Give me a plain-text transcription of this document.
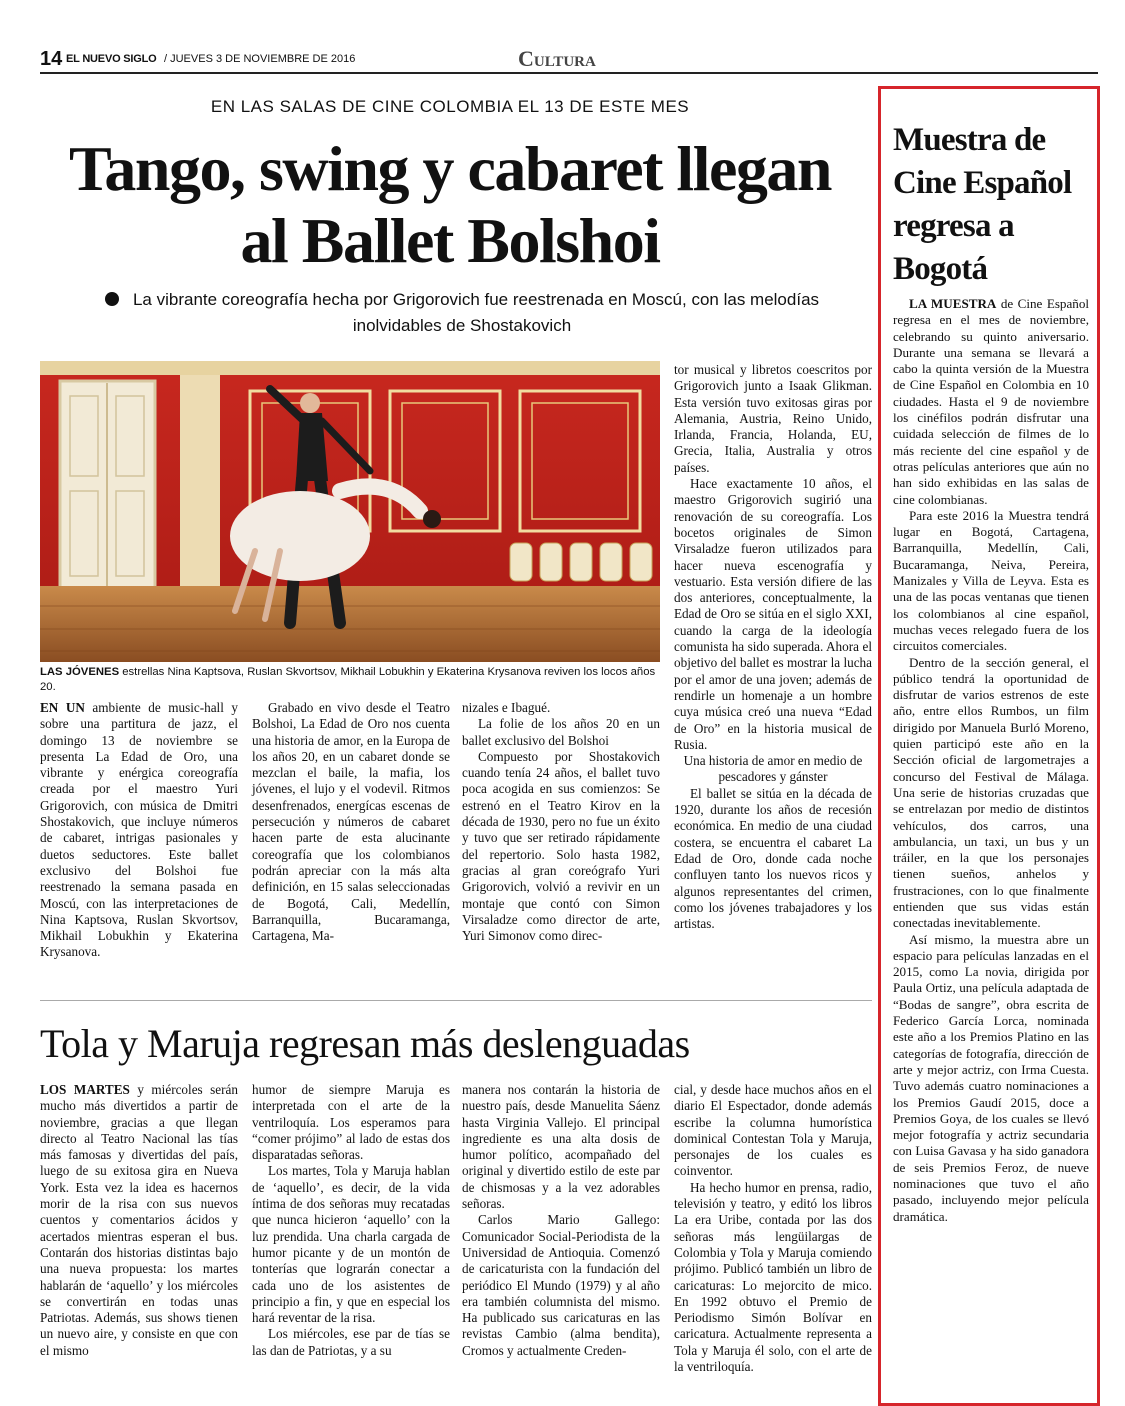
14 EL NUEVO SIGLO / JUEVES 3 DE NOVIEMBRE DE 2016	Cultura
EN LAS SALAS DE CINE COLOMBIA EL 13 DE ESTE MES
Tango, swing y cabaret llegan
al Ballet Bolshoi
La vibrante coreografía hecha por Grigorovich fue reestrenada en Moscú, con las melodías inolvidables de Shostakovich
LAS JÓVENES estrellas Nina Kaptsova, Ruslan Skvortsov, Mikhail Lobukhin y Ekaterina Krysanova reviven los locos años 20.

EN UN ambiente de music-hall y sobre una partitura de jazz, el domingo 13 de noviembre se presenta La Edad de Oro, una vibrante y enérgica coreografía creada por el maestro Yuri Grigorovich, con música de Dmitri Shostakovich, que incluye números de cabaret, intrigas pasionales y duetos seductores. Este ballet exclusivo del Bolshoi fue reestrenado la semana pasada en Moscú, con las interpretaciones de Nina Kaptsova, Ruslan Skvortsov, Mikhail Lobukhin y Ekaterina Krysanova.

Grabado en vivo desde el Teatro Bolshoi, La Edad de Oro nos cuenta una historia de amor, en la Europa de los años 20, en un cabaret donde se mezclan el baile, la mafia, los jóvenes, el lujo y el vodevil. Ritmos desenfrenados, energícas escenas de persecución y números de cabaret hacen parte de esta alucinante coreografía que los colombianos podrán apreciar con la más alta definición, en 15 salas seleccionadas de Bogotá, Cali, Medellín, Barranquilla, Bucaramanga, Cartagena, Ma-

nizales e Ibagué.

La folie de los años 20 en un ballet exclusivo del Bolshoi

Compuesto por Shostakovich cuando tenía 24 años, el ballet tuvo poca acogida en sus comienzos: Se estrenó en el Teatro Kirov en la década de 1930, pero no fue un éxito y tuvo que ser retirado rápidamente del repertorio. Solo hasta 1982, gracias al gran coreógrafo Yuri Grigorovich, volvió a revivir en un montaje que contó con Simon Virsaladze como director de arte, Yuri Simonov como direc-

tor musical y libretos coescritos por Grigorovich junto a Isaak Glikman. Esta versión tuvo exitosas giras por Alemania, Austria, Reino Unido, Irlanda, Francia, Holanda, EU, Grecia, Italia, Australia y otros países.

Hace exactamente 10 años, el maestro Grigorovich sugirió una renovación de su coreografía. Los bocetos originales de Simon Virsaladze fueron utilizados para hacer nueva escenografía y vestuario. Esta versión difiere de las dos anteriores, conceptualmente, la Edad de Oro se sitúa en el siglo XXI, cuando la carga de la ideología comunista ha sido superada. Ahora el objetivo del ballet es mostrar la lucha por el amor de una joven; además de rendirle un homenaje a un hombre cuya música creó una nueva “Edad de Oro” en la historia musical de Rusia.

Una historia de amor en medio de pescadores y gánster

El ballet se sitúa en la década de 1920, durante los años de recesión económica. En medio de una ciudad costera, se encuentra el cabaret La Edad de Oro, donde cada noche confluyen tanto los nuevos ricos y algunos representantes del crimen, como los jóvenes trabajadores y los artistas.

Tola y Maruja regresan más deslenguadas

LOS MARTES y miércoles serán mucho más divertidos a partir de noviembre, gracias a que llegan directo al Teatro Nacional las tías más famosas y divertidas del país, luego de su exitosa gira en Nueva York. Esta vez la idea es hacernos morir de la risa con sus nuevos cuentos y comentarios ácidos y acertados mientras esperan el bus. Contarán dos historias distintas bajo una nueva propuesta: los martes hablarán de ‘aquello’ y los miércoles se convertirán en todas unas Patriotas. Además, sus shows tienen un nuevo aire, y consiste en que con el mismo

humor de siempre Maruja es interpretada con el arte de la ventriloquía. Los esperamos para “comer prójimo” al lado de estas dos disparatadas señoras.

Los martes, Tola y Maruja hablan de ‘aquello’, es decir, de la vida íntima de dos señoras muy recatadas que nunca hicieron ‘aquello’ con la luz prendida. Una charla cargada de humor picante y de un montón de tonterías que lograrán conectar a cada uno de los asistentes de principio a fin, y que en especial los hará reventar de la risa.

Los miércoles, ese par de tías se las dan de Patriotas, y a su

manera nos contarán la historia de nuestro país, desde Manuelita Sáenz hasta Virginia Vallejo. El principal ingrediente es una alta dosis de humor político, acompañado del original y divertido estilo de este par de chismosas y a la vez adorables señoras.

Carlos Mario Gallego: Comunicador Social-Periodista de la Universidad de Antioquia. Comenzó de caricaturista con la fundación del periódico El Mundo (1979) y al año era también columnista del mismo. Ha publicado sus caricaturas en las revistas Cambio (alma bendita), Cromos y actualmente Creden-

cial, y desde hace muchos años en el diario El Espectador, donde además escribe la columna humorística dominical Contestan Tola y Maruja, personajes de los cuales es coinventor.

Ha hecho humor en prensa, radio, televisión y teatro, y editó los libros La era Uribe, contada por las dos señoras más lengüilargas de Colombia y Tola y Maruja comiendo prójimo. Publicó también un libro de caricaturas: Lo mejorcito de mico. En 1992 obtuvo el Premio de Periodismo Simón Bolívar en caricatura. Actualmente representa a Tola y Maruja él solo, con el arte de la ventriloquía.

Muestra de Cine Español regresa a Bogotá

LA MUESTRA de Cine Español regresa en el mes de noviembre, celebrando su quinto aniversario. Durante una semana se llevará a cabo la quinta versión de la Muestra de Cine Español en Colombia en 10 ciudades. Hasta el 9 de noviembre los cinéfilos podrán disfrutar una cuidada selección de filmes de lo más reciente del cine español y de otras películas anteriores que aún no han sido exhibidas en las salas de cine colombianas.

Para este 2016 la Muestra tendrá lugar en Bogotá, Cartagena, Barranquilla, Medellín, Cali, Bucaramanga, Neiva, Pereira, Manizales y Villa de Leyva. Esta es una de las pocas ventanas que tienen los colombianos al cine español, muchas veces relegado fuera de los circuitos comerciales.

Dentro de la sección general, el público tendrá la oportunidad de disfrutar de varios estrenos de este año, entre ellos Rumbos, un film dirigido por Manuela Burló Moreno, quien participó este año en la Sección oficial de largometrajes a concurso del Festival de Málaga. Una serie de historias cruzadas que se entrelazan por medio de distintos vehículos, dos carros, una ambulancia, un taxi, un bus y un tráiler, en la que los personajes tienen sueños, anhelos y frustraciones, con lo que finalmente entienden que sus vidas están conectadas inevitablemente.

Así mismo, la muestra abre un espacio para películas lanzadas en el 2015, como La novia, dirigida por Paula Ortiz, una película adaptada de “Bodas de sangre”, obra escrita de Federico García Lorca, nominada este año a los Premios Platino en las categorías de fotografía, dirección de arte y mejor actriz, con Irma Cuesta. Tuvo además cuatro nominaciones a los Premios Gaudí 2015, doce a Premios Goya, de los cuales se llevó mejor fotografía y actriz secundaria con Luisa Gavasa y ha sido ganadora de seis Premios Feroz, de nueve nominaciones que tuvo el año pasado, incluyendo mejor película dramática.
